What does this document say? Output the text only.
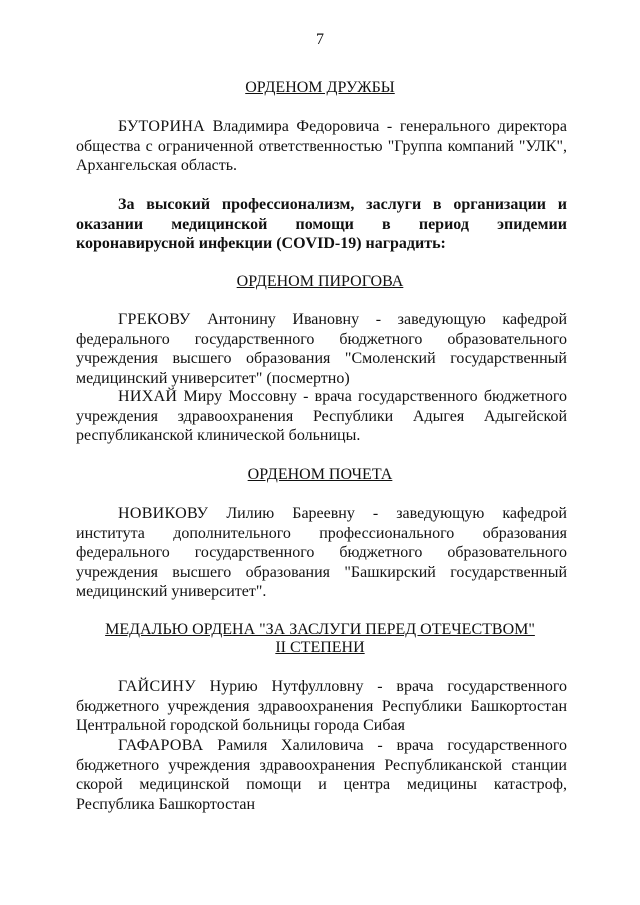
7
ОРДЕНОМ ДРУЖБЫ
БУТОРИНА Владимира Федоровича - генерального директора общества с ограниченной ответственностью "Группа компаний "УЛК", Архангельская область.
За высокий профессионализм, заслуги в организации и оказании медицинской помощи в период эпидемии коронавирусной инфекции (COVID-19) наградить:
ОРДЕНОМ ПИРОГОВА
ГРЕКОВУ Антонину Ивановну - заведующую кафедрой федерального государственного бюджетного образовательного учреждения высшего образования "Смоленский государственный медицинский университет" (посмертно)
НИХАЙ Миру Моссовну - врача государственного бюджетного учреждения здравоохранения Республики Адыгея Адыгейской республиканской клинической больницы.
ОРДЕНОМ ПОЧЕТА
НОВИКОВУ Лилию Бареевну - заведующую кафедрой института дополнительного профессионального образования федерального государственного бюджетного образовательного учреждения высшего образования "Башкирский государственный медицинский университет".
МЕДАЛЬЮ ОРДЕНА "ЗА ЗАСЛУГИ ПЕРЕД ОТЕЧЕСТВОМ"
II СТЕПЕНИ
ГАЙСИНУ Нурию Нутфулловну - врача государственного бюджетного учреждения здравоохранения Республики Башкортостан Центральной городской больницы города Сибая
ГАФАРОВА Рамиля Халиловича - врача государственного бюджетного учреждения здравоохранения Республиканской станции скорой медицинской помощи и центра медицины катастроф, Республика Башкортостан
